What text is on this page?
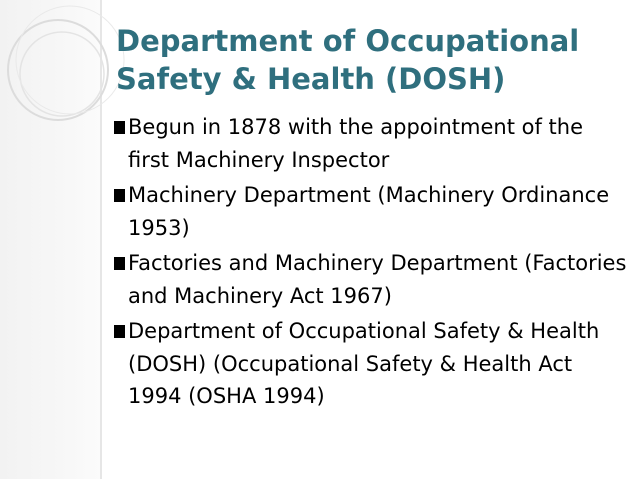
Department of Occupational Safety & Health (DOSH)
Begun in 1878 with the appointment of the first Machinery Inspector
Machinery Department (Machinery Ordinance 1953)
Factories and Machinery Department (Factories and Machinery Act 1967)
Department of Occupational Safety & Health (DOSH) (Occupational Safety & Health Act 1994 (OSHA 1994)
